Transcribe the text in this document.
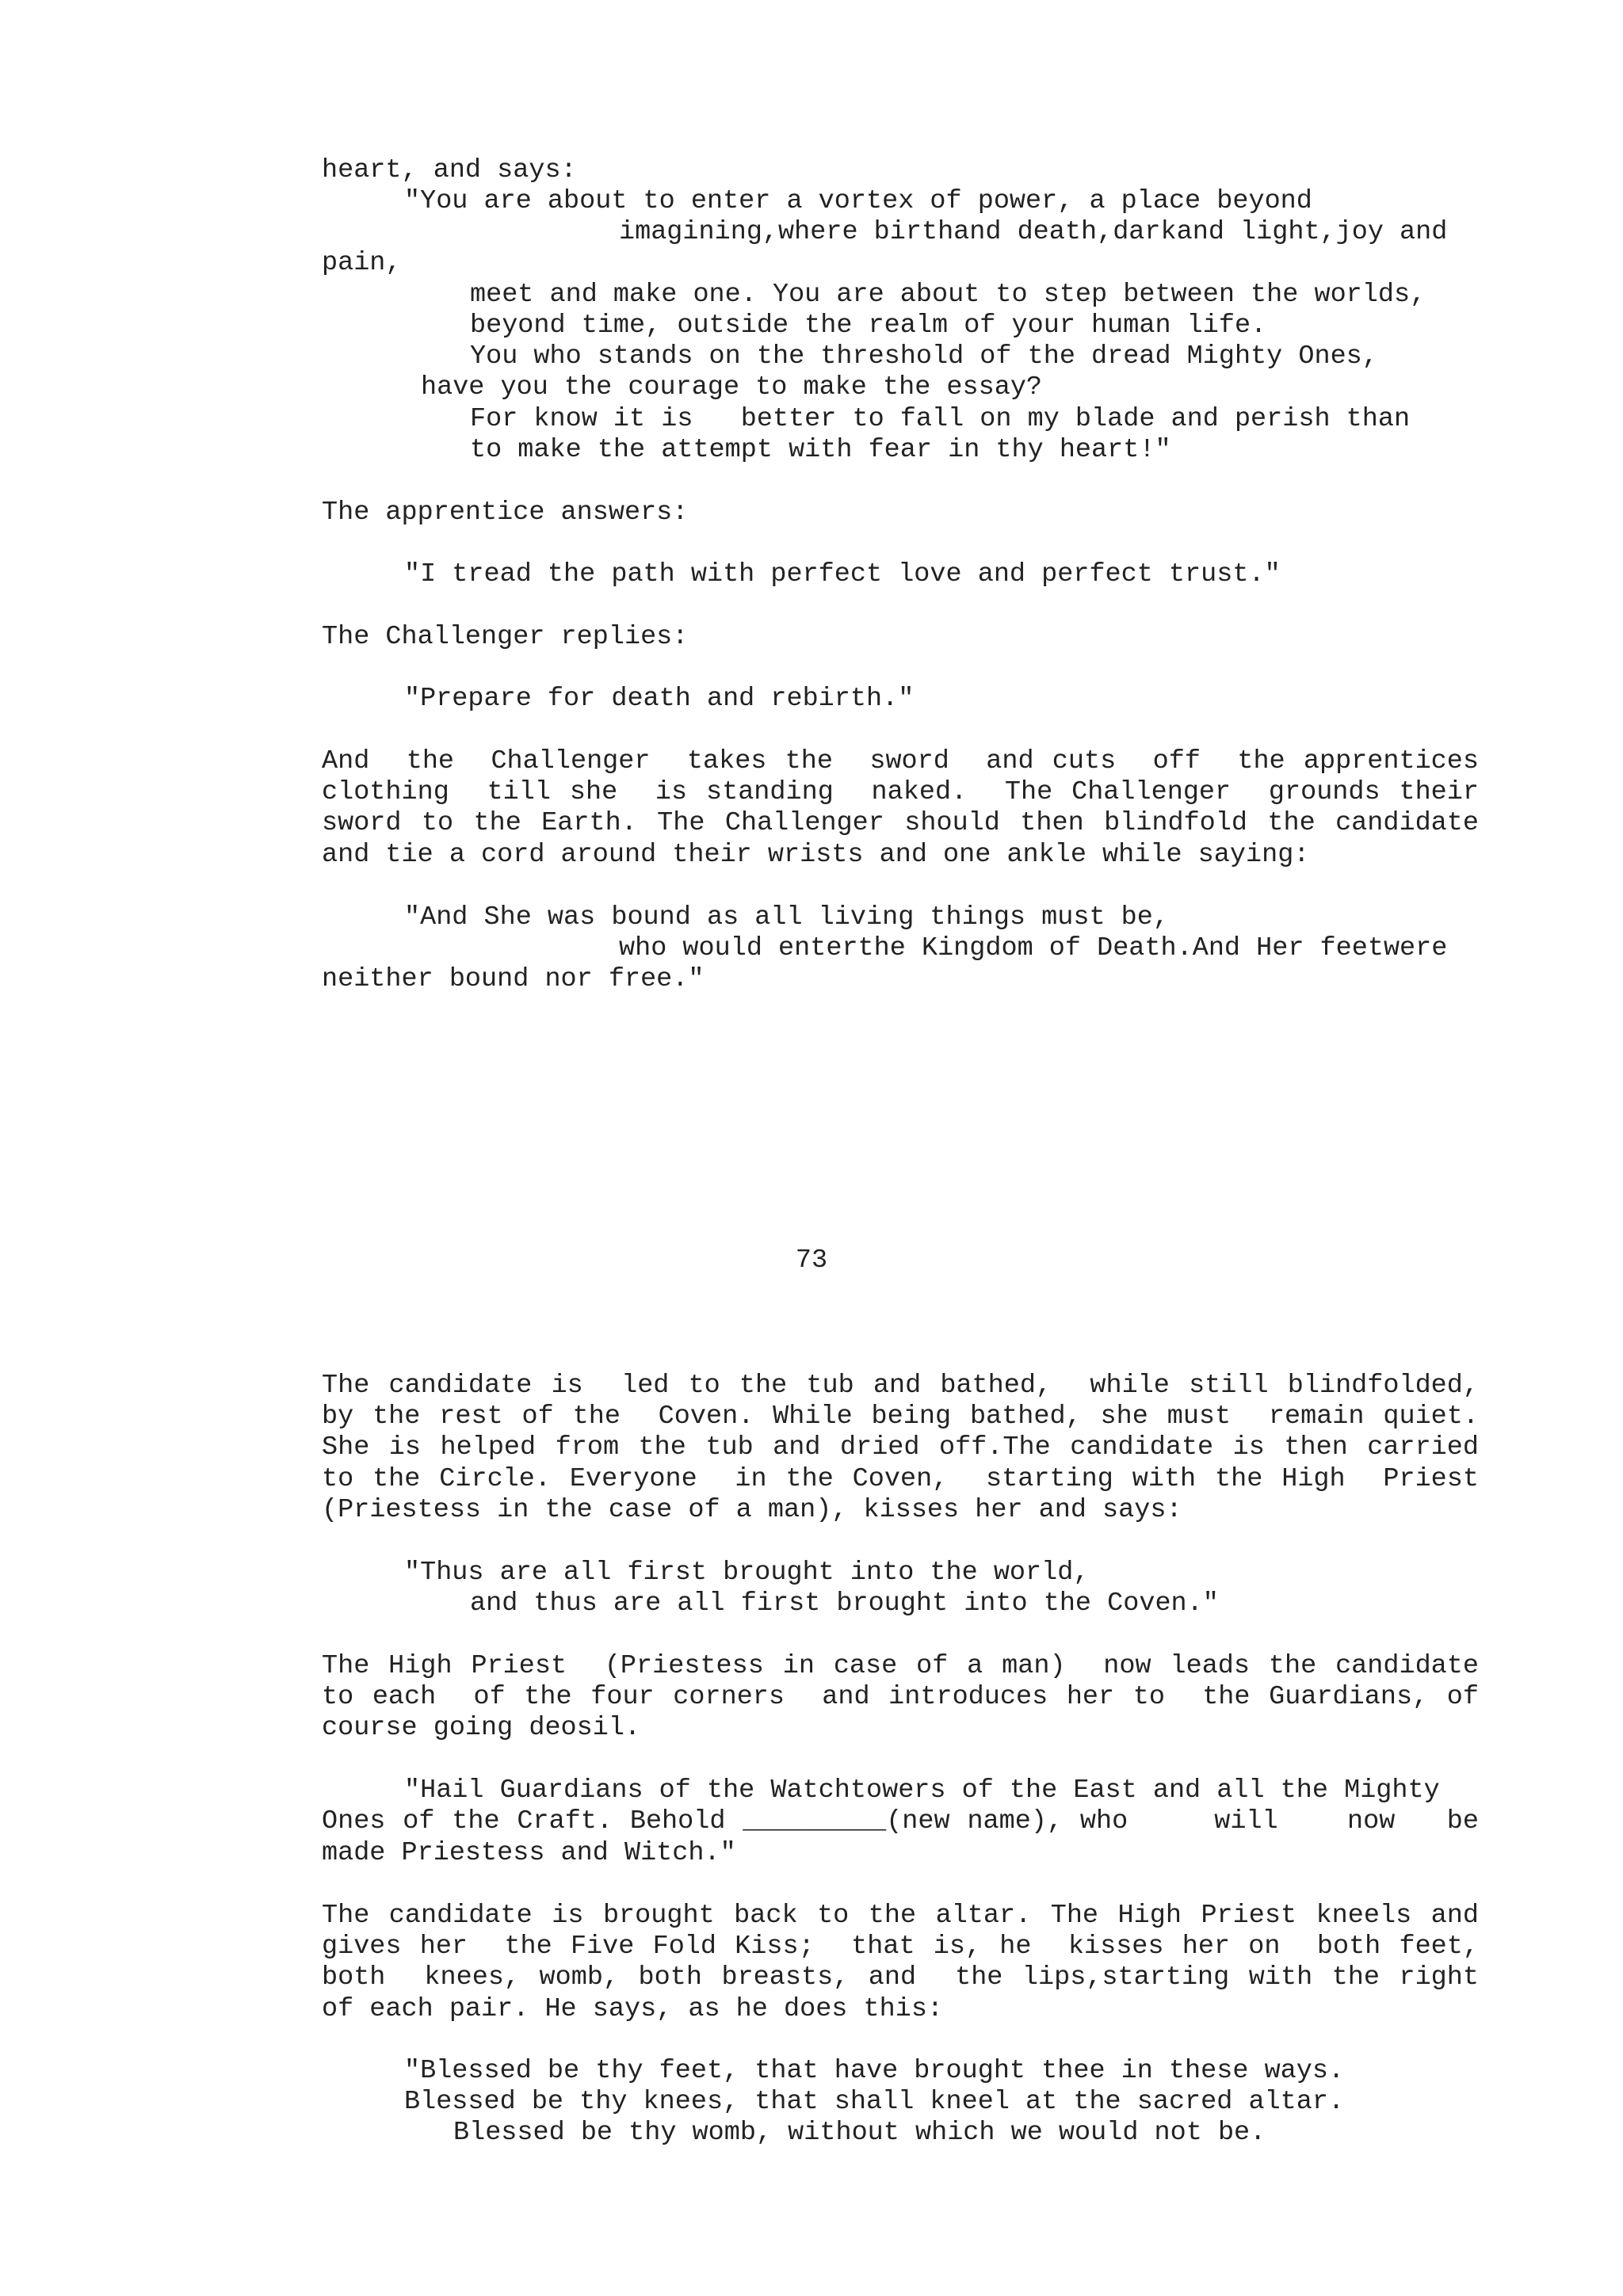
heart, and says:

"You are about to enter a vortex of power, a place beyond

imagining,where birthand death,darkand light,joy and

pain,

meet and make one. You are about to step between the worlds,

beyond time, outside the realm of your human life.

You who stands on the threshold of the dread Mighty Ones,

have you the courage to make the essay?

For know it is   better to fall on my blade and perish than

to make the attempt with fear in thy heart!"

The apprentice answers:

"I tread the path with perfect love and perfect trust."

The Challenger replies:

"Prepare for death and rebirth."

And  the  Challenger  takes the  sword  and cuts  off  the apprentices

clothing  till she  is standing  naked.  The Challenger  grounds their

sword to the Earth. The Challenger should then blindfold the candidate

and tie a cord around their wrists and one ankle while saying:

"And She was bound as all living things must be,

who would enterthe Kingdom of Death.And Her feetwere

neither bound nor free."

73

The candidate is  led to the tub and bathed,  while still blindfolded,

by the rest of the  Coven. While being bathed, she must  remain quiet.

She is helped from the tub and dried off.The candidate is then carried

to the Circle. Everyone  in the Coven,  starting with the High  Priest

(Priestess in the case of a man), kisses her and says:

"Thus are all first brought into the world,

and thus are all first brought into the Coven."

The High Priest  (Priestess in case of a man)  now leads the candidate

to each  of the four corners  and introduces her to  the Guardians, of

course going deosil.

"Hail Guardians of the Watchtowers of the East and all the Mighty

Ones of the Craft. Behold _________(new name), who     will    now   be

made Priestess and Witch."

The candidate is brought back to the altar. The High Priest kneels and

gives her  the Five Fold Kiss;  that is, he  kisses her on  both feet,

both  knees, womb, both breasts, and  the lips,starting with the right

of each pair. He says, as he does this:

"Blessed be thy feet, that have brought thee in these ways.

Blessed be thy knees, that shall kneel at the sacred altar.

Blessed be thy womb, without which we would not be.
